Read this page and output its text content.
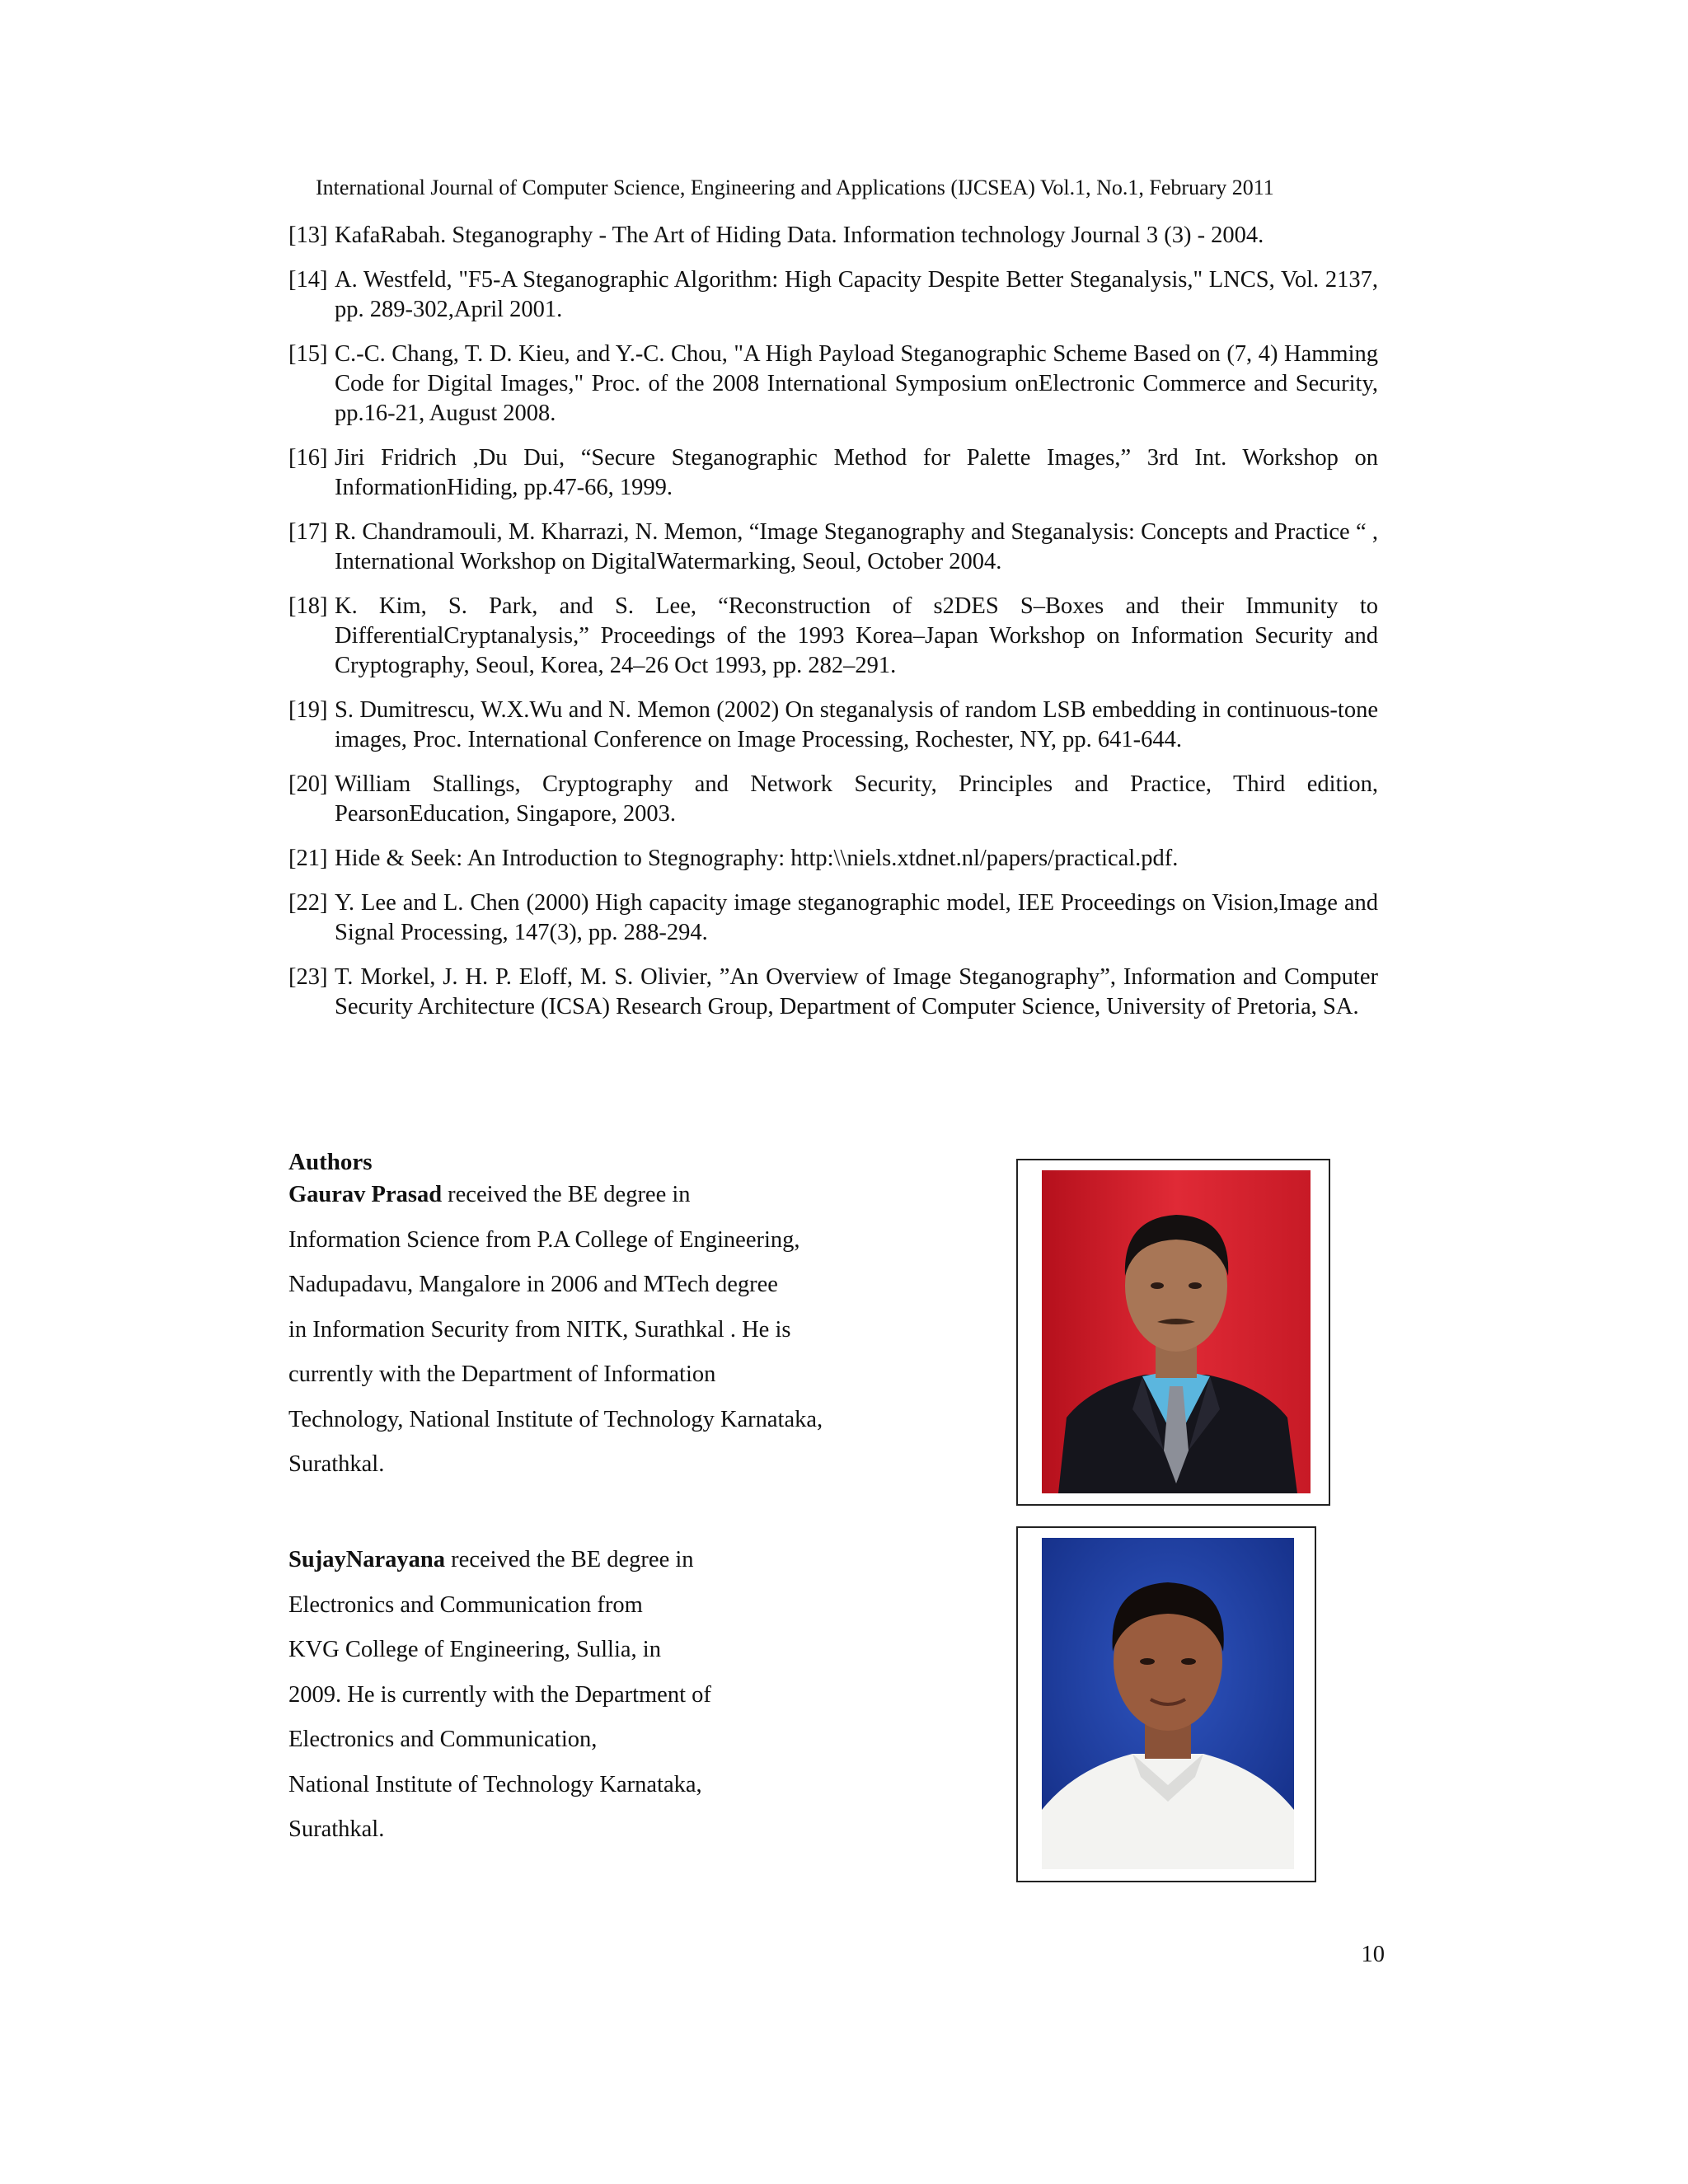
International Journal of Computer Science, Engineering and Applications (IJCSEA) Vol.1, No.1, February 2011
[13] KafaRabah. Steganography - The Art of Hiding Data. Information technology Journal 3 (3) - 2004.
[14] A. Westfeld, "F5-A Steganographic Algorithm: High Capacity Despite Better Steganalysis," LNCS, Vol. 2137, pp. 289-302,April 2001.
[15] C.-C. Chang, T. D. Kieu, and Y.-C. Chou, "A High Payload Steganographic Scheme Based on (7, 4) Hamming Code for Digital Images," Proc. of the 2008 International Symposium onElectronic Commerce and Security, pp.16-21, August 2008.
[16] Jiri Fridrich ,Du Dui, “Secure Steganographic Method for Palette Images,” 3rd Int. Workshop on InformationHiding, pp.47-66, 1999.
[17] R. Chandramouli, M. Kharrazi, N. Memon, “Image Steganography and Steganalysis: Concepts and Practice “ , International Workshop on DigitalWatermarking, Seoul, October 2004.
[18] K. Kim, S. Park, and S. Lee, “Reconstruction of s2DES S–Boxes and their Immunity to DifferentialCryptanalysis,” Proceedings of the 1993 Korea–Japan Workshop on Information Security and Cryptography, Seoul, Korea, 24–26 Oct 1993, pp. 282–291.
[19] S. Dumitrescu, W.X.Wu and N. Memon (2002) On steganalysis of random LSB embedding in continuous-tone images, Proc. International Conference on Image Processing, Rochester, NY, pp. 641-644.
[20] William Stallings, Cryptography and Network Security, Principles and Practice, Third edition, PearsonEducation, Singapore, 2003.
[21] Hide & Seek: An Introduction to Stegnography: http:\\niels.xtdnet.nl/papers/practical.pdf.
[22] Y. Lee and L. Chen (2000) High capacity image steganographic model, IEE Proceedings on Vision,Image and Signal Processing, 147(3), pp. 288-294.
[23] T. Morkel, J. H. P. Eloff, M. S. Olivier, ”An Overview of Image Steganography”, Information and Computer Security Architecture (ICSA) Research Group, Department of Computer Science, University of Pretoria, SA.
Authors
Gaurav Prasad received the BE degree in
Information Science from P.A College of Engineering,
Nadupadavu, Mangalore in 2006 and MTech degree
in Information Security from NITK, Surathkal . He is
currently with the Department of Information
Technology, National Institute of Technology Karnataka,
Surathkal.
SujayNarayana received the BE degree in
Electronics and Communication from
KVG College of Engineering, Sullia, in
2009. He is currently with the Department of
Electronics and Communication,
National Institute of Technology Karnataka,
Surathkal.
10
